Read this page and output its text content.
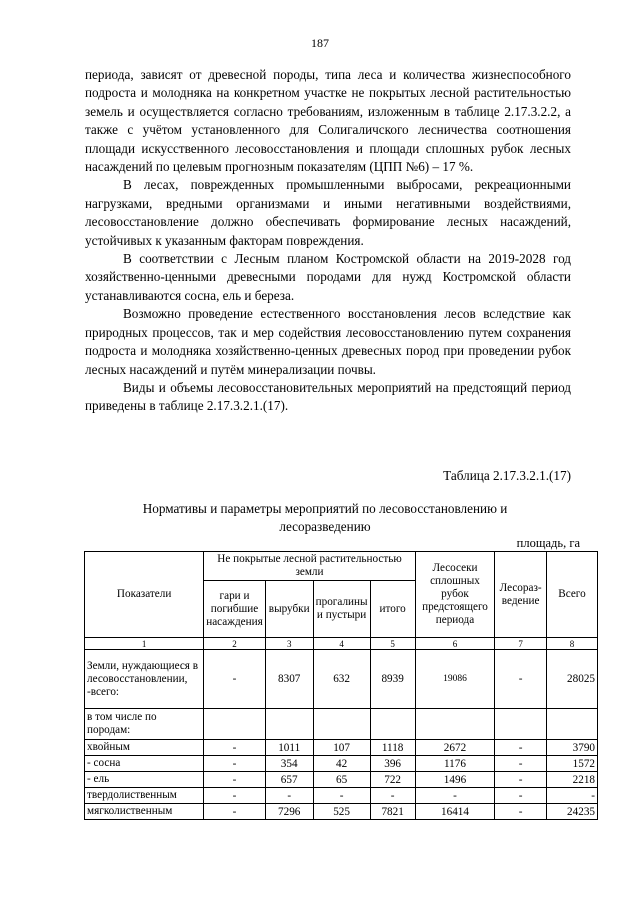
187

периода, зависят от древесной породы, типа леса и количества жизнеспособного подроста и молодняка на конкретном участке не покрытых лесной растительностью земель и осуществляется согласно требованиям, изложенным в таблице 2.17.3.2.2, а также с учётом установленного для Солигаличского лесничества соотношения площади искусственного лесовосстановления и площади сплошных рубок лесных насаждений по целевым прогнозным показателям (ЦПП №6) – 17 %.

В лесах, поврежденных промышленными выбросами, рекреационными нагрузками, вредными организмами и иными негативными воздействиями, лесовосстановление должно обеспечивать формирование лесных насаждений, устойчивых к указанным факторам повреждения.

В соответствии с Лесным планом Костромской области на 2019-2028 год хозяйственно-ценными древесными породами для нужд Костромской области устанавливаются сосна, ель и береза.

Возможно проведение естественного восстановления лесов вследствие как природных процессов, так и мер содействия лесовосстановлению путем сохранения подроста и молодняка хозяйственно-ценных древесных пород при проведении рубок лесных насаждений и путём минерализации почвы.

Виды и объемы лесовосстановительных мероприятий на предстоящий период приведены в таблице 2.17.3.2.1.(17).

Таблица 2.17.3.2.1.(17)
Нормативы и параметры мероприятий по лесовосстановлению и лесоразведению
площадь, га
Показатели	Не покрытые лесной растительностью земли				Лесосеки сплошных рубок предстоящего периода	Лесораз-ведение	Всего
	гари и погибшие насаждения	вырубки	прогалины и пустыри	итого			
1	2	3	4	5	6	7	8
Земли, нуждающиеся в лесовосстановлении, -всего:	-	8307	632	8939	19086	-	28025
в том числе по породам:							
хвойным	-	1011	107	1118	2672	-	3790
- сосна	-	354	42	396	1176	-	1572
- ель	-	657	65	722	1496	-	2218
твердолиственным	-	-	-	-	-	-	-
мягколиственным	-	7296	525	7821	16414	-	24235
